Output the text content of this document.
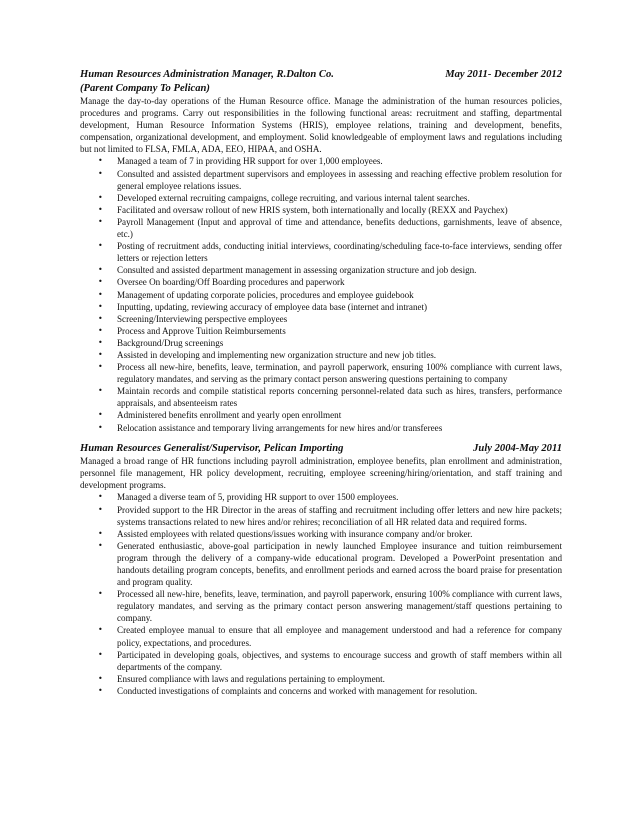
Human Resources Administration Manager, R.Dalton Co.	May 2011- December 2012
(Parent Company To Pelican)

Manage the day-to-day operations of the Human Resource office. Manage the administration of the human resources policies, procedures and programs. Carry out responsibilities in the following functional areas: recruitment and staffing, departmental development, Human Resource Information Systems (HRIS), employee relations, training and development, benefits, compensation, organizational development, and employment. Solid knowledgeable of employment laws and regulations including but not limited to FLSA, FMLA, ADA, EEO, HIPAA, and OSHA.

• Managed a team of 7 in providing HR support for over 1,000 employees.
• Consulted and assisted department supervisors and employees in assessing and reaching effective problem resolution for general employee relations issues.
• Developed external recruiting campaigns, college recruiting, and various internal talent searches.
• Facilitated and oversaw rollout of new HRIS system, both internationally and locally (REXX and Paychex)
• Payroll Management (Input and approval of time and attendance, benefits deductions, garnishments, leave of absence, etc.)
• Posting of recruitment adds, conducting initial interviews, coordinating/scheduling face-to-face interviews, sending offer letters or rejection letters
• Consulted and assisted department management in assessing organization structure and job design.
• Oversee On boarding/Off Boarding procedures and paperwork
• Management of updating corporate policies, procedures and employee guidebook
• Inputting, updating, reviewing accuracy of employee data base (internet and intranet)
• Screening/Interviewing perspective employees
• Process and Approve Tuition Reimbursements
• Background/Drug screenings
• Assisted in developing and implementing new organization structure and new job titles.
• Process all new-hire, benefits, leave, termination, and payroll paperwork, ensuring 100% compliance with current laws, regulatory mandates, and serving as the primary contact person answering questions pertaining to company
• Maintain records and compile statistical reports concerning personnel-related data such as hires, transfers, performance appraisals, and absenteeism rates
• Administered benefits enrollment and yearly open enrollment
• Relocation assistance and temporary living arrangements for new hires and/or transferees
Human Resources Generalist/Supervisor, Pelican Importing	July 2004-May 2011

Managed a broad range of HR functions including payroll administration, employee benefits, plan enrollment and administration, personnel file management, HR policy development, recruiting, employee screening/hiring/orientation, and staff training and development programs.

• Managed a diverse team of 5, providing HR support to over 1500 employees.
• Provided support to the HR Director in the areas of staffing and recruitment including offer letters and new hire packets; systems transactions related to new hires and/or rehires; reconciliation of all HR related data and required forms.
• Assisted employees with related questions/issues working with insurance company and/or broker.
• Generated enthusiastic, above-goal participation in newly launched Employee insurance and tuition reimbursement program through the delivery of a company-wide educational program. Developed a PowerPoint presentation and handouts detailing program concepts, benefits, and enrollment periods and earned across the board praise for presentation and program quality.
• Processed all new-hire, benefits, leave, termination, and payroll paperwork, ensuring 100% compliance with current laws, regulatory mandates, and serving as the primary contact person answering management/staff questions pertaining to company.
• Created employee manual to ensure that all employee and management understood and had a reference for company policy, expectations, and procedures.
• Participated in developing goals, objectives, and systems to encourage success and growth of staff members within all departments of the company.
• Ensured compliance with laws and regulations pertaining to employment.
• Conducted investigations of complaints and concerns and worked with management for resolution.
